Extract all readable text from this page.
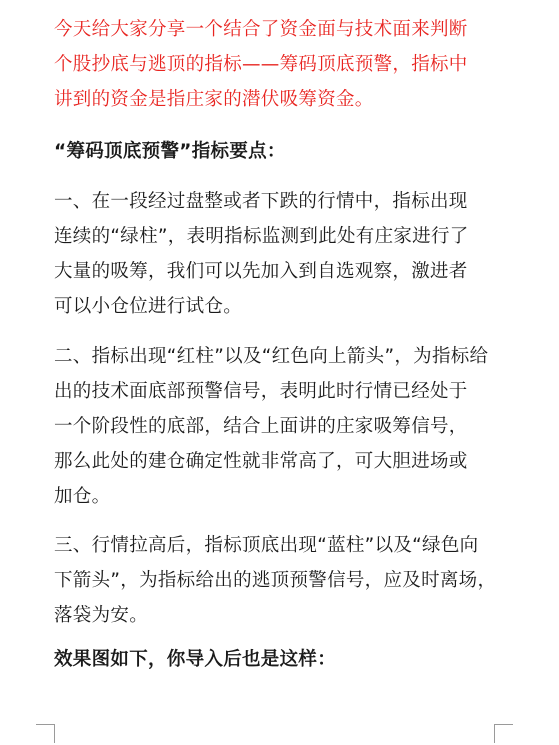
今天给大家分享一个结合了资金面与技术面来判断
个股抄底与逃顶的指标——筹码顶底预警，指标中
讲到的资金是指庄家的潜伏吸筹资金。

“筹码顶底预警”指标要点：

一、在一段经过盘整或者下跌的行情中，指标出现
连续的“绿柱”，表明指标监测到此处有庄家进行了
大量的吸筹，我们可以先加入到自选观察，激进者
可以小仓位进行试仓。

二、指标出现“红柱”以及“红色向上箭头”，为指标给
出的技术面底部预警信号，表明此时行情已经处于
一个阶段性的底部，结合上面讲的庄家吸筹信号，
那么此处的建仓确定性就非常高了，可大胆进场或
加仓。

三、行情拉高后，指标顶底出现“蓝柱”以及“绿色向
下箭头”，为指标给出的逃顶预警信号，应及时离场，
落袋为安。

效果图如下，你导入后也是这样：
